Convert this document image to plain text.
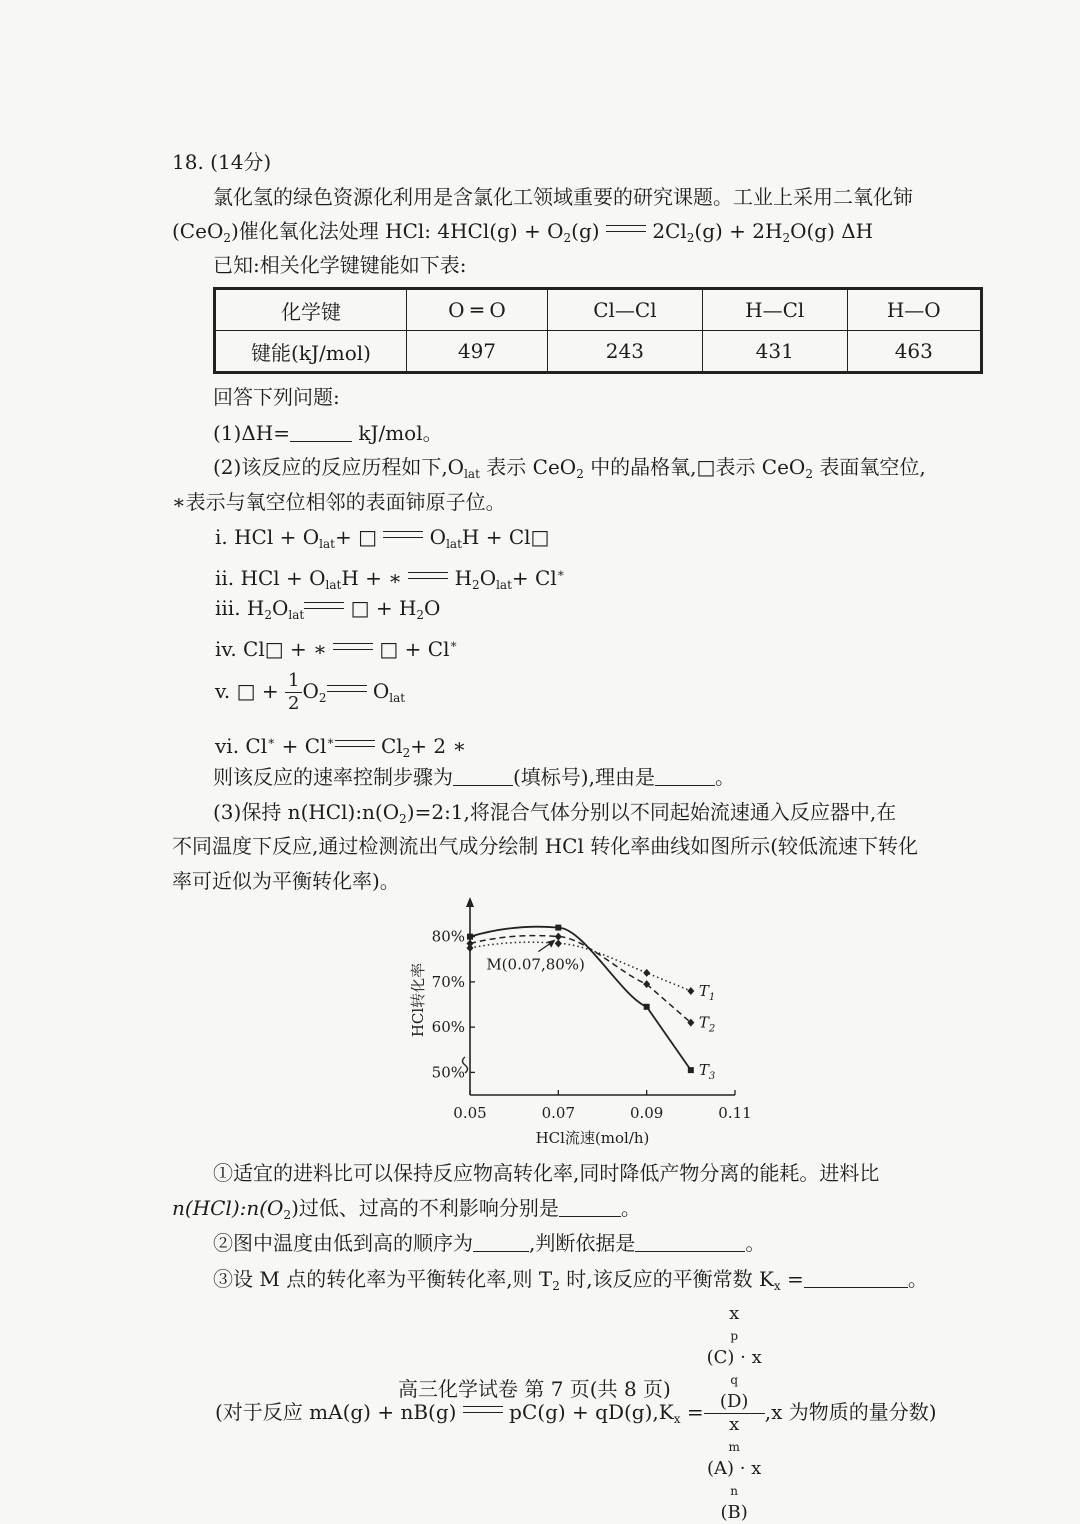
18. (14分)
氯化氢的绿色资源化利用是含氯化工领域重要的研究课题。工业上采用二氧化铈
(CeO$_2$)催化氧化法处理 HCl: $4HCl(g) + O_2(g)$	$2Cl_2(g) + 2H_2O(g)$ ΔH
已知:相关化学键键能如下表:
化学键	O ═ O	Cl—Cl	H—Cl	H—O
键能(kJ/mol)	497	243	431	463
回答下列问题:
(1)ΔH=	kJ/mol。
(2)该反应的反应历程如下$,O_{lat}$ 表示 CeO$_2$ 中的晶格氧,□表示 CeO$_2$ 表面氧空位,
∗表示与氧空位相邻的表面铈原子位。
i. HCl + $O_{lat}+$ □  $O_{lat}H$ + Cl□
ii. HCl + $O_{lat}H$ + ∗  $H_2O_{lat}+ Cl^∗$
iii. $H_2O_{lat}$ □ + $H_2O$
iv. Cl□ + ∗  □ + Cl∗
v. □ + $\frac{1}{2} O_2$ $O_{lat}$
vi. Cl∗ + Cl∗ $Cl_2+ 2$ ∗
则该反应的速率控制步骤为	(填标号),理由是	。
(3)保持 $n(HCl):n(O_2)=2:1$,将混合气体分别以不同起始流速通入反应器中,在
不同温度下反应,通过检测流出气成分绘制 HCl 转化率曲线如图所示(较低流速下转化
率可近似为平衡转化率)。
0.05	0.07	0.09	0.11
50%
60%
70%
80%
HCl流速(mol/h)
HCl转化率	$T_1$
$T_2$
$T_3$
M(0.07,80%)
①适宜的进料比可以保持反应物高转化率,同时降低产物分离的能耗。进料比
$n(HCl):n(O_2)$过低、过高的不利影响分别是	。
②图中温度由低到高的顺序为	,判断依据是	。
③设 M 点的转化率为平衡转化率,则 $T_2$ 时,该反应的平衡常数 $K_x$ =	。
(对于反应 mA(g) + nB(g)	$pC(g) + qD(g),K_x = x$
p
(C) · x
q
(D)
x
m
(A) · x
n
(B) ,x 为物质的量分数)
高三化学试卷 第 7 页(共 8 页)
